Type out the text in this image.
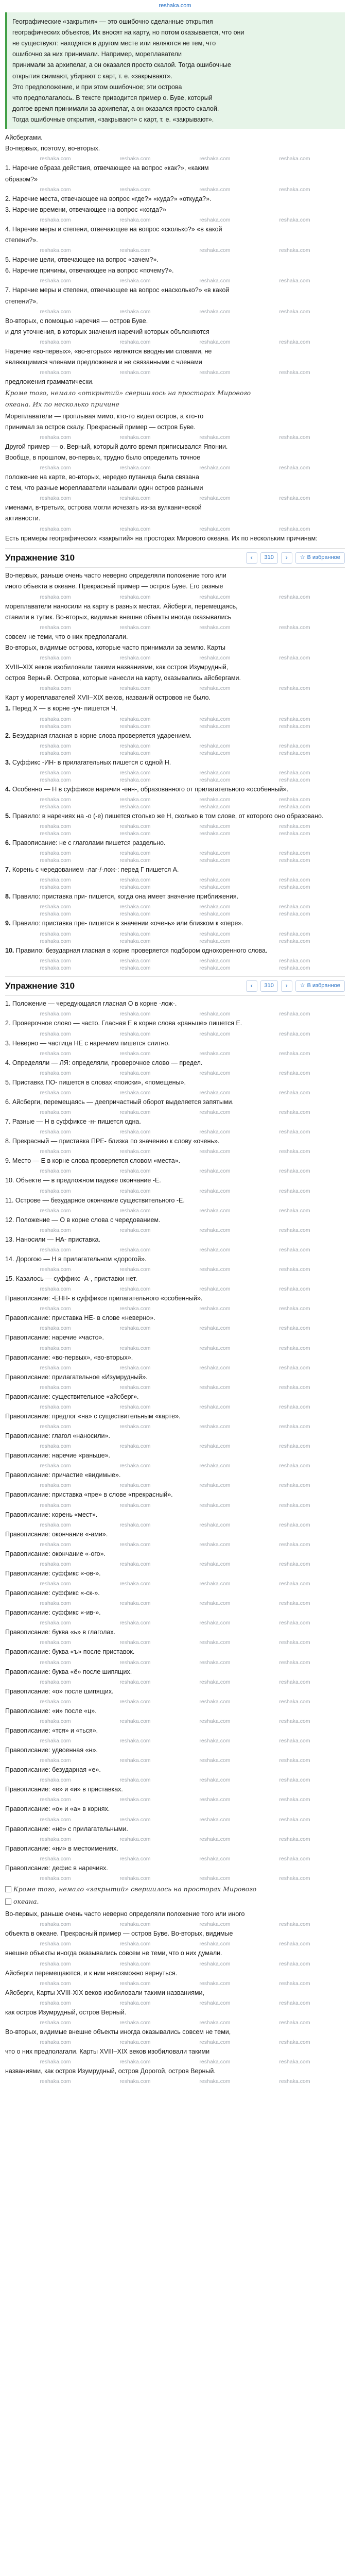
reshaka.com

Географические «закрытия» — это ошибочно сделанные открытия

географических объектов, Их вносят на карту, но потом оказывается, что они

не существуют: находятся в другом месте или являются не тем, что

ошибочно за них принимали. Например, мореплаватели

принимали за архипелаг, а он оказался просто скалой. Тогда ошибочные

открытия снимают, убирают с карт, т. е. «закрывают».

Это предположение, и при этом ошибочное; эти острова

что предполагалось. В тексте приводится пример о. Буве, который

долгое время принимали за архипелаг, а он оказался просто скалой.

Тогда ошибочные открытия, «закрывают» с карт, т. е. «закрывают».

Айсбергами.

Во-первых, поэтому, во-вторых.

reshaka.com	reshaka.com	reshaka.com	reshaka.com

1. Наречие образа действия, отвечающее на вопрос «как?», «каким

образом?»

reshaka.com	reshaka.com	reshaka.com	reshaka.com

2. Наречие места, отвечающее на вопрос «где?» «куда?» «откуда?».

3. Наречие времени, отвечающее на вопрос «когда?»

reshaka.com	reshaka.com	reshaka.com	reshaka.com

4. Наречие меры и степени, отвечающее на вопрос «сколько?» «в какой

степени?».

reshaka.com	reshaka.com	reshaka.com	reshaka.com

5. Наречие цели, отвечающее на вопрос «зачем?».

6. Наречие причины, отвечающее на вопрос «почему?».

reshaka.com	reshaka.com	reshaka.com	reshaka.com

7. Наречие меры и степени, отвечающее на вопрос «насколько?» «в какой

степени?».

reshaka.com	reshaka.com	reshaka.com	reshaka.com

Во-вторых, с помощью наречия — остров Буве.

и для уточнения, в которых значения наречий которых объясняются

reshaka.com	reshaka.com	reshaka.com	reshaka.com

Наречие «во-первых», «во-вторых» являются вводными словами, не

являющимися членами предложения и не связанными с членами

reshaka.com	reshaka.com	reshaka.com	reshaka.com

предложения грамматически.

Кроме того, немало «открытий» свершилось на просторах Мирового

океана. Их по несколько причине

Мореплаватели — проплывая мимо, кто-то видел остров, а кто-то

принимал за остров скалу. Прекрасный пример — остров Буве.

reshaka.com	reshaka.com	reshaka.com	reshaka.com

Другой пример — о. Верный, который долго время приписывался Японии.

Вообще, в прошлом, во-первых, трудно было определить точное

reshaka.com	reshaka.com	reshaka.com	reshaka.com

положение на карте, во-вторых, нередко путаница была связана

с тем, что разные мореплаватели называли один остров разными

reshaka.com	reshaka.com	reshaka.com	reshaka.com

именами, в-третьих, острова могли исчезать из-за вулканической

активности.

reshaka.com	reshaka.com	reshaka.com	reshaka.com

Есть примеры географических «закрытий» на просторах Мирового океана. Их по нескольким причинам:

Упражнение 310	‹	310	› ☆ В избранное

Во-первых, раньше очень часто неверно определяли положение того или

иного объекта в океане. Прекрасный пример — остров Буве. Его разные

reshaka.com	reshaka.com	reshaka.com	reshaka.com

мореплаватели наносили на карту в разных местах. Айсберги, перемещаясь,

ставили в тупик. Во-вторых, видимые внешне объекты иногда оказывались

reshaka.com	reshaka.com	reshaka.com	reshaka.com

совсем не теми, что о них предполагали.

Во-вторых, видимые острова, которые часто принимали за землю. Карты

reshaka.com	reshaka.com	reshaka.com	reshaka.com

XVIII–XIX веков изобиловали такими названиями, как остров Изумрудный,

остров Верный. Острова, которые нанесли на карту, оказывались айсбергами.

reshaka.com	reshaka.com	reshaka.com	reshaka.com

Карт у мореплавателей XVII–XIX веков, названий островов не было.

1. Перед Х — в корне -уч- пишется Ч.

reshaka.com	reshaka.com	reshaka.com	reshaka.com
reshaka.com	reshaka.com	reshaka.com	reshaka.com

2. Безударная гласная в корне слова проверяется ударением.

reshaka.com	reshaka.com	reshaka.com	reshaka.com
reshaka.com	reshaka.com	reshaka.com	reshaka.com

3. Суффикс -ИН- в прилагательных пишется с одной Н.

reshaka.com	reshaka.com	reshaka.com	reshaka.com
reshaka.com	reshaka.com	reshaka.com	reshaka.com

4. Особенно — Н в суффиксе наречия -енн-, образованного от прилагательного «особенный».

reshaka.com	reshaka.com	reshaka.com	reshaka.com
reshaka.com	reshaka.com	reshaka.com	reshaka.com

5. Правило: в наречиях на -о (-е) пишется столько же Н, сколько в том слове, от которого оно образовано.

reshaka.com	reshaka.com	reshaka.com	reshaka.com
reshaka.com	reshaka.com	reshaka.com	reshaka.com

6. Правописание: не с глаголами пишется раздельно.

reshaka.com	reshaka.com	reshaka.com	reshaka.com
reshaka.com	reshaka.com	reshaka.com	reshaka.com

7. Корень с чередованием -лаг-/-лож-: перед Г пишется А.

reshaka.com	reshaka.com	reshaka.com	reshaka.com
reshaka.com	reshaka.com	reshaka.com	reshaka.com

8. Правило: приставка при- пишется, когда она имеет значение приближения.

reshaka.com	reshaka.com	reshaka.com	reshaka.com
reshaka.com	reshaka.com	reshaka.com	reshaka.com

9. Правило: приставка пре- пишется в значении «очень» или близком к «пере».

reshaka.com	reshaka.com	reshaka.com	reshaka.com
reshaka.com	reshaka.com	reshaka.com	reshaka.com

10. Правило: безударная гласная в корне проверяется подбором однокоренного слова.

reshaka.com	reshaka.com	reshaka.com	reshaka.com
reshaka.com	reshaka.com	reshaka.com	reshaka.com
Упражнение 310	‹	310	› ☆ В избранное

1. Положение — чередующаяся гласная О в корне -лож-.

reshaka.com	reshaka.com	reshaka.com	reshaka.com

2. Проверочное слово — часто. Гласная Е в корне слова «раньше» пишется Е.

reshaka.com	reshaka.com	reshaka.com	reshaka.com

3. Неверно — частица НЕ с наречием пишется слитно.

reshaka.com	reshaka.com	reshaka.com	reshaka.com

4. Определяли — ЛЯ: определяли, проверочное слово — предел.

reshaka.com	reshaka.com	reshaka.com	reshaka.com

5. Приставка ПО- пишется в словах «поиски», «помещены».

reshaka.com	reshaka.com	reshaka.com	reshaka.com

6. Айсберги, перемещаясь — деепричастный оборот выделяется запятыми.

reshaka.com	reshaka.com	reshaka.com	reshaka.com

7. Разные — Н в суффиксе -н- пишется одна.

reshaka.com	reshaka.com	reshaka.com	reshaka.com

8. Прекрасный — приставка ПРЕ- близка по значению к слову «очень».

reshaka.com	reshaka.com	reshaka.com	reshaka.com

9. Место — Е в корне слова проверяется словом «места».

reshaka.com	reshaka.com	reshaka.com	reshaka.com

10. Объекте — в предложном падеже окончание -Е.

reshaka.com	reshaka.com	reshaka.com	reshaka.com

11. Острове — безударное окончание существительного -Е.

reshaka.com	reshaka.com	reshaka.com	reshaka.com

12. Положение — О в корне слова с чередованием.

reshaka.com	reshaka.com	reshaka.com	reshaka.com

13. Наносили — НА- приставка.

reshaka.com	reshaka.com	reshaka.com	reshaka.com

14. Дорогою — Н в прилагательном «дорогой».

reshaka.com	reshaka.com	reshaka.com	reshaka.com

15. Казалось — суффикс -А-, приставки нет.

reshaka.com	reshaka.com	reshaka.com	reshaka.com

Правописание: -ЕНН- в суффиксе прилагательного «особенный».

reshaka.com	reshaka.com	reshaka.com	reshaka.com

Правописание: приставка НЕ- в слове «неверно».

reshaka.com	reshaka.com	reshaka.com	reshaka.com

Правописание: наречие «часто».

reshaka.com	reshaka.com	reshaka.com	reshaka.com

Правописание: «во-первых», «во-вторых».

reshaka.com	reshaka.com	reshaka.com	reshaka.com

Правописание: прилагательное «Изумрудный».

reshaka.com	reshaka.com	reshaka.com	reshaka.com

Правописание: существительное «айсберг».

reshaka.com	reshaka.com	reshaka.com	reshaka.com

Правописание: предлог «на» с существительным «карте».

reshaka.com	reshaka.com	reshaka.com	reshaka.com

Правописание: глагол «наносили».

reshaka.com	reshaka.com	reshaka.com	reshaka.com

Правописание: наречие «раньше».

reshaka.com	reshaka.com	reshaka.com	reshaka.com

Правописание: причастие «видимые».

reshaka.com	reshaka.com	reshaka.com	reshaka.com

Правописание: приставка «пре» в слове «прекрасный».

reshaka.com	reshaka.com	reshaka.com	reshaka.com

Правописание: корень «мест».

reshaka.com	reshaka.com	reshaka.com	reshaka.com

Правописание: окончание «-ами».

reshaka.com	reshaka.com	reshaka.com	reshaka.com

Правописание: окончание «-ого».

reshaka.com	reshaka.com	reshaka.com	reshaka.com

Правописание: суффикс «-ов-».

reshaka.com	reshaka.com	reshaka.com	reshaka.com

Правописание: суффикс «-ск-».

reshaka.com	reshaka.com	reshaka.com	reshaka.com

Правописание: суффикс «-ив-».

reshaka.com	reshaka.com	reshaka.com	reshaka.com

Правописание: буква «ь» в глаголах.

reshaka.com	reshaka.com	reshaka.com	reshaka.com

Правописание: буква «ъ» после приставок.

reshaka.com	reshaka.com	reshaka.com	reshaka.com

Правописание: буква «ё» после шипящих.

reshaka.com	reshaka.com	reshaka.com	reshaka.com

Правописание: «о» после шипящих.

reshaka.com	reshaka.com	reshaka.com	reshaka.com

Правописание: «и» после «ц».

reshaka.com	reshaka.com	reshaka.com	reshaka.com

Правописание: «тся» и «ться».

reshaka.com	reshaka.com	reshaka.com	reshaka.com

Правописание: удвоенная «н».

reshaka.com	reshaka.com	reshaka.com	reshaka.com

Правописание: безударная «е».

reshaka.com	reshaka.com	reshaka.com	reshaka.com

Правописание: «е» и «и» в приставках.

reshaka.com	reshaka.com	reshaka.com	reshaka.com

Правописание: «о» и «а» в корнях.

reshaka.com	reshaka.com	reshaka.com	reshaka.com

Правописание: «не» с прилагательными.

reshaka.com	reshaka.com	reshaka.com	reshaka.com

Правописание: «ни» в местоимениях.

reshaka.com	reshaka.com	reshaka.com	reshaka.com

Правописание: дефис в наречиях.

reshaka.com	reshaka.com	reshaka.com	reshaka.com
Кроме того, немало «закрытий» свершилось на просторах Мирового
океана.

Во-первых, раньше очень часто неверно определяли положение того или иного

reshaka.com	reshaka.com	reshaka.com	reshaka.com

объекта в океане. Прекрасный пример — остров Буве. Во-вторых, видимые

reshaka.com	reshaka.com	reshaka.com	reshaka.com

внешне объекты иногда оказывались совсем не теми, что о них думали.

reshaka.com	reshaka.com	reshaka.com	reshaka.com

Айсберги перемещаются, и к ним невозможно вернуться.

reshaka.com	reshaka.com	reshaka.com	reshaka.com

Айсберги, Карты XVIII-XIX веков изобиловали такими названиями,

reshaka.com	reshaka.com	reshaka.com	reshaka.com

как остров Изумрудный, остров Верный.

reshaka.com	reshaka.com	reshaka.com	reshaka.com

Во-вторых, видимые внешне объекты иногда оказывались совсем не теми,

reshaka.com	reshaka.com	reshaka.com	reshaka.com

что о них предполагали. Карты XVIII–XIX веков изобиловали такими

reshaka.com	reshaka.com	reshaka.com	reshaka.com

названиями, как остров Изумрудный, остров Дорогой, остров Верный.

reshaka.com	reshaka.com	reshaka.com	reshaka.com
